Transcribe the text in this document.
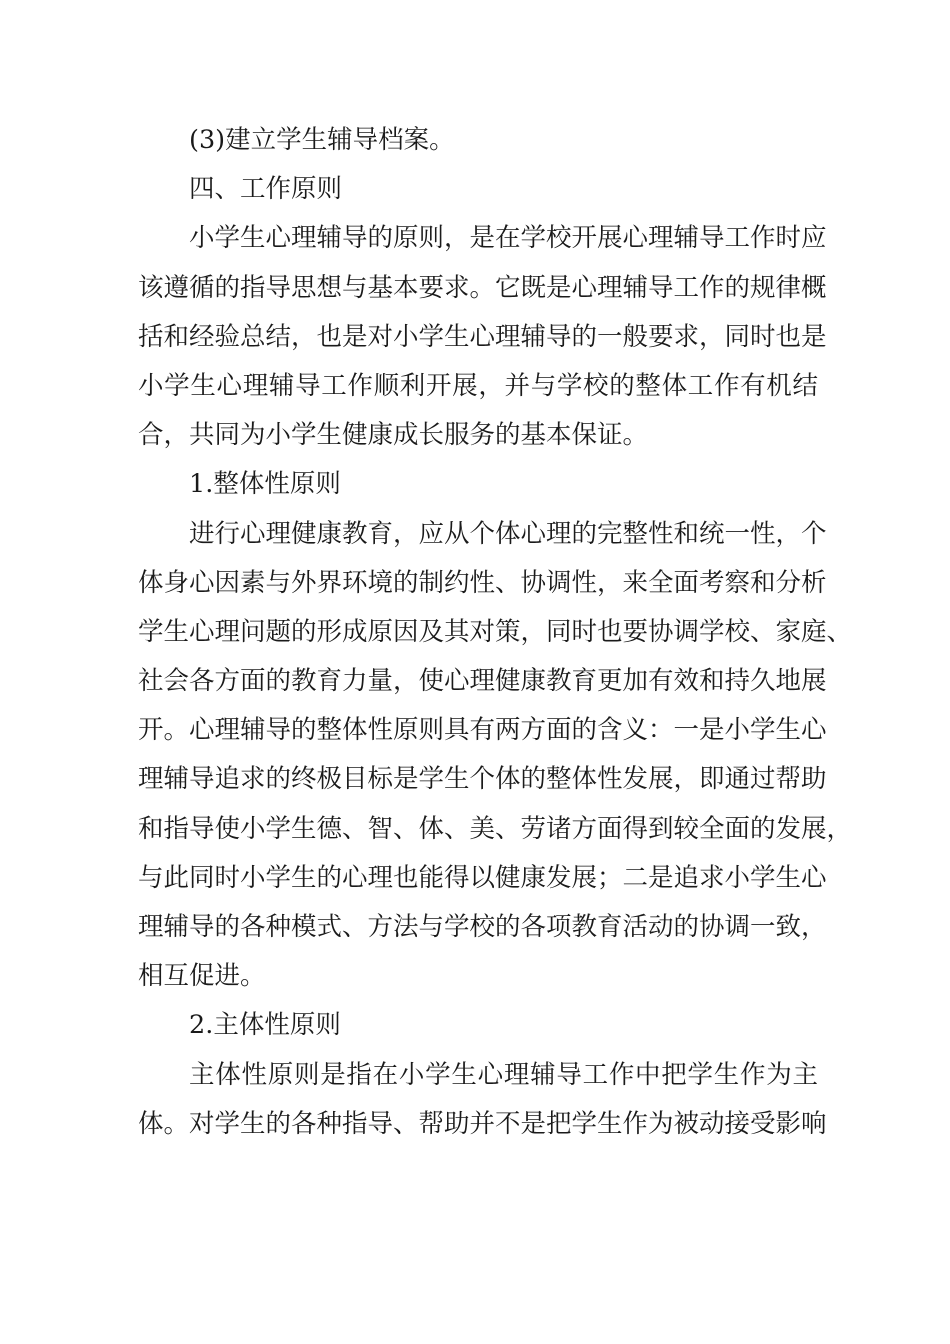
(3)建立学生辅导档案。

四、工作原则

小学生心理辅导的原则，是在学校开展心理辅导工作时应

该遵循的指导思想与基本要求。它既是心理辅导工作的规律概

括和经验总结，也是对小学生心理辅导的一般要求，同时也是

小学生心理辅导工作顺利开展，并与学校的整体工作有机结

合，共同为小学生健康成长服务的基本保证。

1.整体性原则

进行心理健康教育，应从个体心理的完整性和统一性，个

体身心因素与外界环境的制约性、协调性，来全面考察和分析

学生心理问题的形成原因及其对策，同时也要协调学校、家庭、

社会各方面的教育力量，使心理健康教育更加有效和持久地展

开。心理辅导的整体性原则具有两方面的含义：一是小学生心

理辅导追求的终极目标是学生个体的整体性发展，即通过帮助

和指导使小学生德、智、体、美、劳诸方面得到较全面的发展，

与此同时小学生的心理也能得以健康发展；二是追求小学生心

理辅导的各种模式、方法与学校的各项教育活动的协调一致，

相互促进。

2.主体性原则

主体性原则是指在小学生心理辅导工作中把学生作为主

体。对学生的各种指导、帮助并不是把学生作为被动接受影响
